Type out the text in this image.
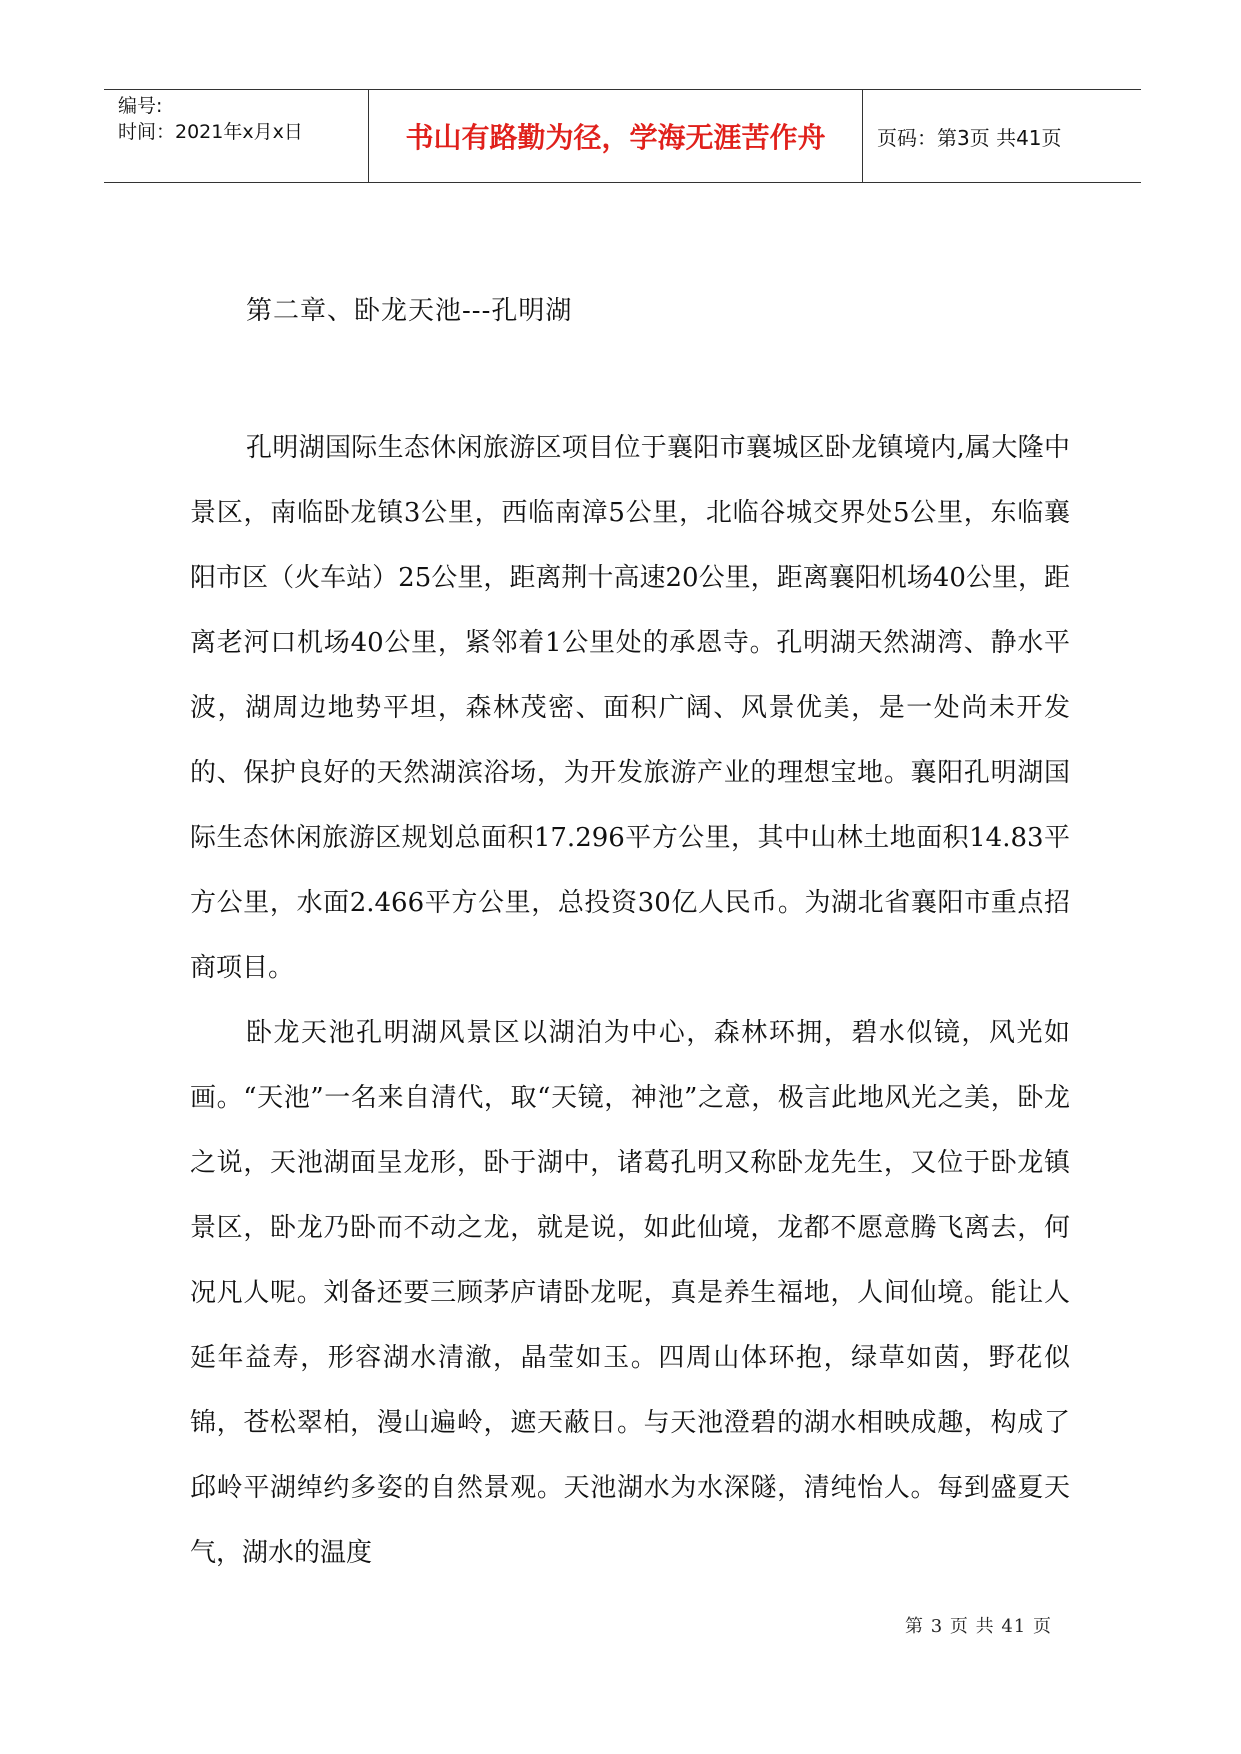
编号:
时间：2021年x月x日	书山有路勤为径，学海无涯苦作舟	页码：第3页 共41页
第二章、卧龙天池---孔明湖

孔明湖国际生态休闲旅游区项目位于襄阳市襄城区卧龙镇境内,属大隆中景区，南临卧龙镇3公里，西临南漳5公里，北临谷城交界处5公里，东临襄阳市区（火车站）25公里，距离荆十高速20公里，距离襄阳机场40公里，距离老河口机场40公里，紧邻着1公里处的承恩寺。孔明湖天然湖湾、静水平波，湖周边地势平坦，森林茂密、面积广阔、风景优美，是一处尚未开发的、保护良好的天然湖滨浴场，为开发旅游产业的理想宝地。襄阳孔明湖国际生态休闲旅游区规划总面积17.296平方公里，其中山林土地面积14.83平方公里，水面2.466平方公里，总投资30亿人民币。为湖北省襄阳市重点招商项目。

卧龙天池孔明湖风景区以湖泊为中心，森林环拥，碧水似镜，风光如画。“天池”一名来自清代，取“天镜，神池”之意，极言此地风光之美，卧龙之说，天池湖面呈龙形，卧于湖中，诸葛孔明又称卧龙先生，又位于卧龙镇景区，卧龙乃卧而不动之龙，就是说，如此仙境，龙都不愿意腾飞离去，何况凡人呢。刘备还要三顾茅庐请卧龙呢，真是养生福地，人间仙境。能让人延年益寿，形容湖水清澈，晶莹如玉。四周山体环抱，绿草如茵，野花似锦，苍松翠柏，漫山遍岭，遮天蔽日。与天池澄碧的湖水相映成趣，构成了邱岭平湖绰约多姿的自然景观。天池湖水为水深隧，清纯怡人。每到盛夏天气，湖水的温度

第 3 页 共 41 页
